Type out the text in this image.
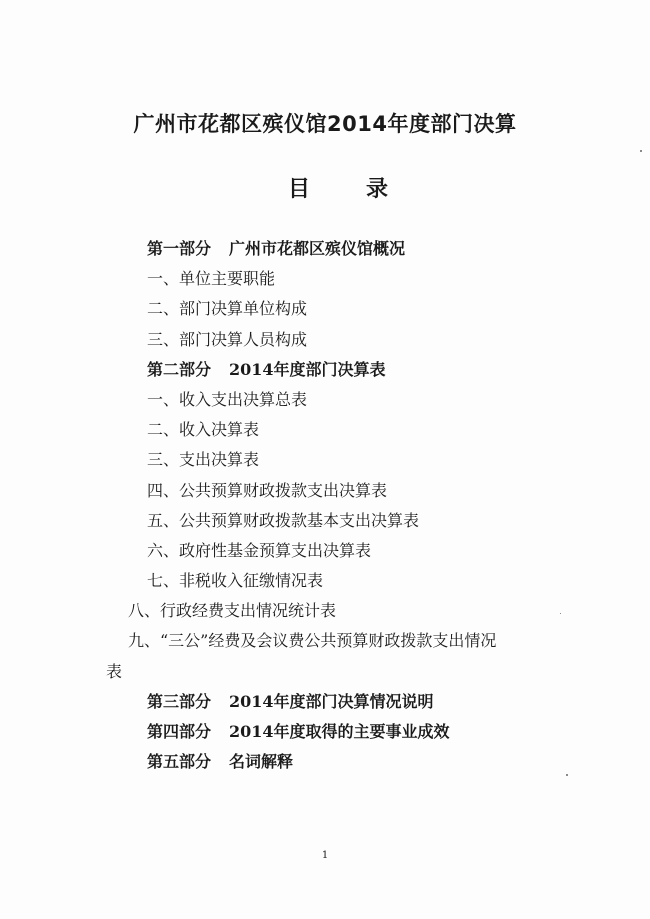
广州市花都区殡仪馆2014年度部门决算
目	录
第一部分 广州市花都区殡仪馆概况
一、单位主要职能
二、部门决算单位构成
三、部门决算人员构成
第二部分 2014年度部门决算表
一、收入支出决算总表
二、收入决算表
三、支出决算表
四、公共预算财政拨款支出决算表
五、公共预算财政拨款基本支出决算表
六、政府性基金预算支出决算表
七、非税收入征缴情况表
八、行政经费支出情况统计表
九、“三公”经费及会议费公共预算财政拨款支出情况
表
第三部分 2014年度部门决算情况说明
第四部分 2014年度取得的主要事业成效
第五部分 名词解释
1
